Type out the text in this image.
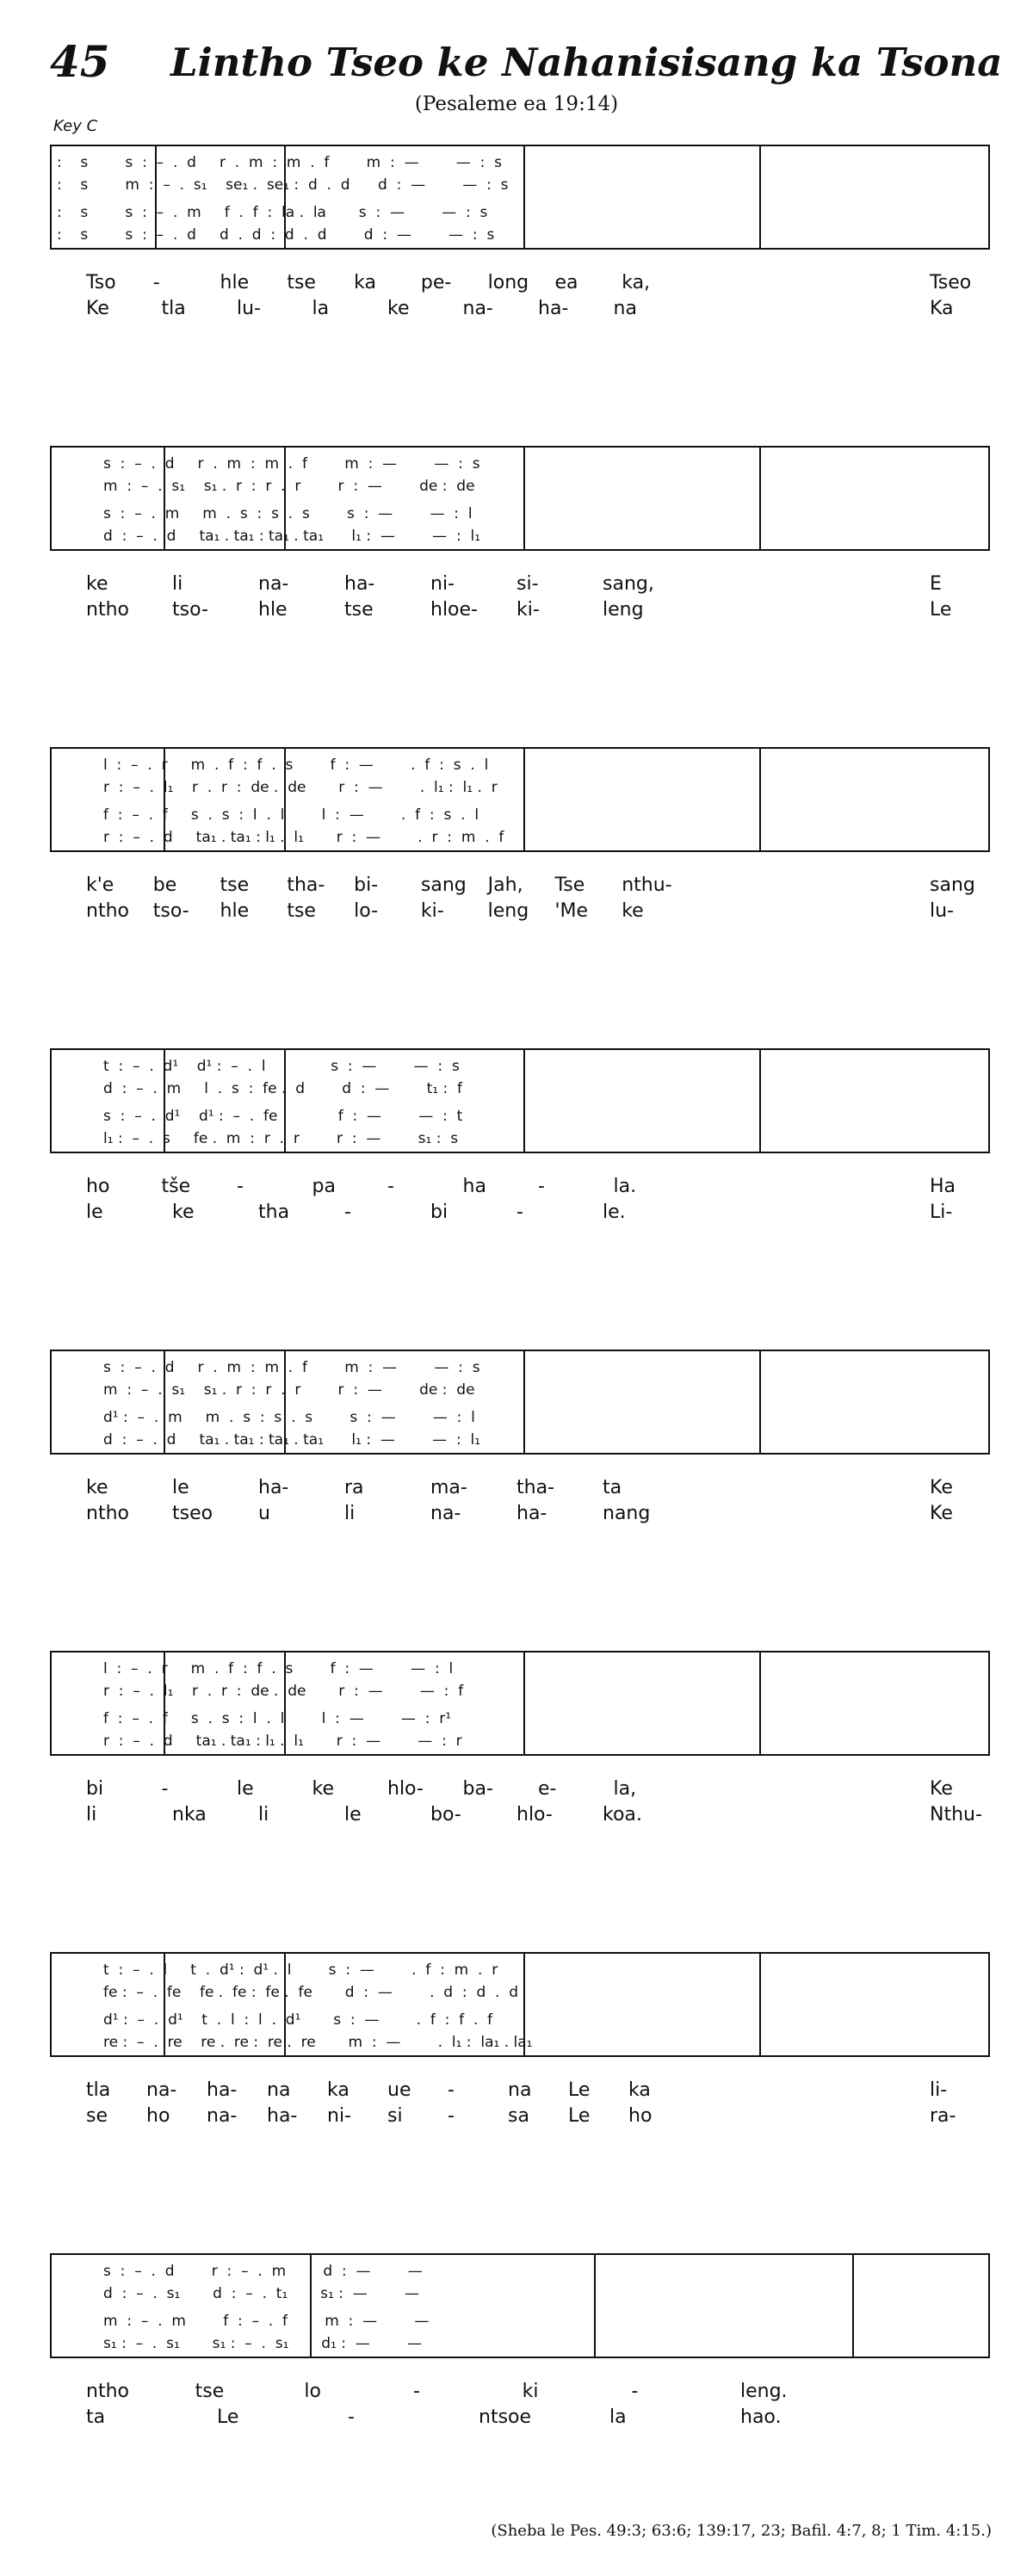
45 Lintho Tseo ke Nahanisisang ka Tsona
(Pesaleme ea 19:14)
Key C
:    s        s  :  –  .  d     r  .  m  :  m  .  f        m  :  —        —  :  s
:    s        m  :  –  .  s₁    se₁ .  se₁ :  d  .  d      d  :  —        —  :  s
:    s        s  :  –  .  m     f  .  f  :  la .  la       s  :  —        —  :  s
:    s        s  :  –  .  d     d  .  d  :  d  .  d        d  :  —        —  :  s
Tso -	hle tse ka pe- long ea ka,	Tseo
Ke	tla	lu-	la	ke	na- ha- na	Ka
s  :  –  .  d     r  .  m  :  m  .  f        m  :  —        —  :  s
m  :  –  .  s₁    s₁ .  r  :  r  .  r        r  :  —        de :  de
s  :  –  .  m     m  .  s  :  s  .  s        s  :  —        —  :  l
d  :  –  .  d     ta₁ . ta₁ : ta₁ . ta₁      l₁ :  —        —  :  l₁
ke	li	na-	ha-	ni-	si-	sang,	E
ntho tso-	hle	tse	hloe- ki-	leng	Le
l  :  –  .  r     m  .  f  :  f  .  s        f  :  —        .  f  :  s  .  l
r  :  –  .  l₁    r  .  r  :  de .  de       r  :  —        .  l₁ :  l₁ .  r
f  :  –  .  f     s  .  s  :  l  .  l        l  :  —        .  f  :  s  .  l
r  :  –  .  d     ta₁ . ta₁ : l₁ .  l₁       r  :  —        .  r  :  m  .  f
k'e be tse tha- bi- sang Jah, Tse nthu-	sang
ntho tso- hle tse lo- ki- leng 'Me ke	lu-
t  :  –  .  d¹    d¹ :  –  .  l              s  :  —        —  :  s
d  :  –  .  m     l  .  s  :  fe .  d        d  :  —        t₁ :  f
s  :  –  .  d¹    d¹ :  –  .  fe             f  :  —        —  :  t
l₁ :  –  .  s     fe .  m  :  r  .  r        r  :  —        s₁ :  s
ho	tše -	pa	-	ha	-	la.	Ha
le	ke	tha	-	bi	-	le.	Li-
s  :  –  .  d     r  .  m  :  m  .  f        m  :  —        —  :  s
m  :  –  .  s₁    s₁ .  r  :  r  .  r        r  :  —        de :  de
d¹ :  –  .  m     m  .  s  :  s  .  s        s  :  —        —  :  l
d  :  –  .  d     ta₁ . ta₁ : ta₁ . ta₁      l₁ :  —        —  :  l₁
ke	le	ha-	ra	ma-	tha-	ta	Ke
ntho tseo u	li	na-	ha-	nang	Ke
l  :  –  .  r     m  .  f  :  f  .  s        f  :  —        —  :  l
r  :  –  .  l₁    r  .  r  :  de .  de       r  :  —        —  :  f
f  :  –  .  f     s  .  s  :  l  .  l        l  :  —        —  :  r¹
r  :  –  .  d     ta₁ . ta₁ : l₁ .  l₁       r  :  —        —  :  r
bi	-	le	ke	hlo- ba- e-	la,	Ke
li	nka	li	le	bo-	hlo-	koa.	Nthu-
t  :  –  .  l     t  .  d¹ :  d¹ .  l        s  :  —        .  f  :  m  .  r
fe :  –  .  fe    fe .  fe :  fe .  fe       d  :  —        .  d  :  d  .  d
d¹ :  –  .  d¹    t  .  l  :  l  .  d¹       s  :  —        .  f  :  f  .  f
re :  –  .  re    re .  re :  re .  re       m  :  —        .  l₁ :  la₁ . la₁
tla na- ha- na ka ue -	na Le ka	li-
se ho na- ha- ni- si -	sa Le ho	ra-
s  :  –  .  d        r  :  –  .  m        d  :  —        —
d  :  –  .  s₁       d  :  –  .  t₁       s₁ :  —        —
m  :  –  .  m        f  :  –  .  f        m  :  —        —
s₁ :  –  .  s₁       s₁ :  –  .  s₁       d₁ :  —        —
ntho	tse	lo	-	ki	-	leng.
ta	Le	-	ntsoe	la	hao.
(Sheba le Pes. 49:3; 63:6; 139:17, 23; Bafil. 4:7, 8; 1 Tim. 4:15.)
